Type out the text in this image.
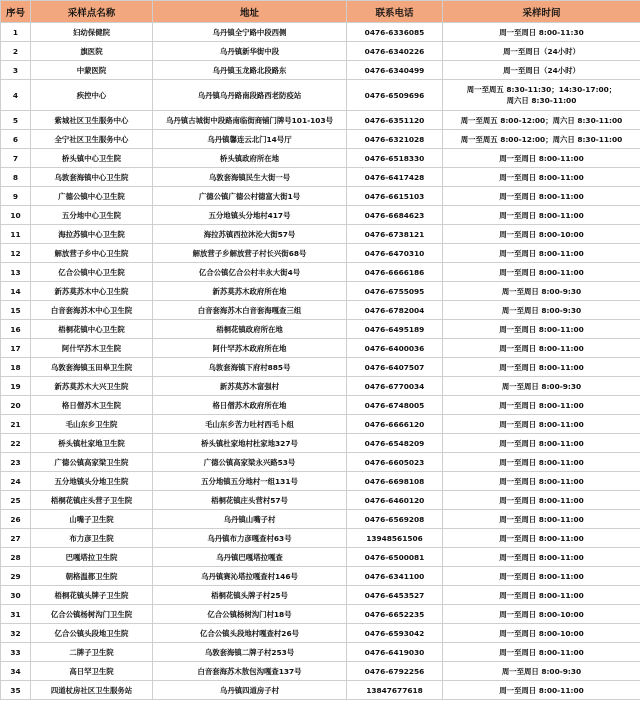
序号	采样点名称	地址	联系电话	采样时间
1	妇幼保健院	乌丹镇全宁路中段西侧	0476-6336085	周一至周日 8:00-11:30
2	旗医院	乌丹镇新华街中段	0476-6340226	周一至周日（24小时）
3	中蒙医院	乌丹镇玉龙路北段路东	0476-6340499	周一至周日（24小时）
4	疾控中心	乌丹镇乌丹路南段路西老防疫站	0476-6509696	周一至周五 8:30-11:30；14:30-17:00；
周六日 8:30-11:00

5	紫城社区卫生服务中心	乌丹镇古城街中段路南临街商铺门牌号101-103号	0476-6351120	周一至周五 8:00-12:00；周六日 8:30-11:00
6	全宁社区卫生服务中心	乌丹镇馨连云北门14号厅	0476-6321028	周一至周五 8:00-12:00；周六日 8:30-11:00
7	桥头镇中心卫生院	桥头镇政府所在地	0476-6518330	周一至周日 8:00-11:00
8	乌敦套海镇中心卫生院	乌敦套海镇民生大街一号	0476-6417428	周一至周日 8:00-11:00
9	广德公镇中心卫生院	广德公镇广德公村德富大街1号	0476-6615103	周一至周日 8:00-11:00
10	五分地中心卫生院	五分地镇头分地村417号	0476-6684623	周一至周日 8:00-11:00
11	海拉苏镇中心卫生院	海拉苏镇西拉沐沦大街57号	0476-6738121	周一至周日 8:00-10:00
12	解放营子乡中心卫生院	解放营子乡解放营子村长兴街68号	0476-6470310	周一至周日 8:00-11:00
13	亿合公镇中心卫生院	亿合公镇亿合公村丰永大街4号	0476-6666186	周一至周日 8:00-11:00
14	新苏莫苏木中心卫生院	新苏莫苏木政府所在地	0476-6755095	周一至周日 8:00-9:30
15	白音套海苏木中心卫生院	白音套海苏木白音套海嘎查三组	0476-6782004	周一至周日 8:00-9:30
16	梧桐花镇中心卫生院	梧桐花镇政府所在地	0476-6495189	周一至周日 8:00-11:00
17	阿什罕苏木卫生院	阿什罕苏木政府所在地	0476-6400036	周一至周日 8:00-11:00
18	乌敦套海镇玉田皋卫生院	乌敦套海镇下府村885号	0476-6407507	周一至周日 8:00-11:00
19	新苏莫苏木大兴卫生院	新苏莫苏木富强村	0476-6770034	周一至周日 8:00-9:30
20	格日僧苏木卫生院	格日僧苏木政府所在地	0476-6748005	周一至周日 8:00-11:00
21	毛山东乡卫生院	毛山东乡苦力吐村西毛卜组	0476-6666120	周一至周日 8:00-11:00
22	桥头镇杜家地卫生院	桥头镇杜家地村杜家地327号	0476-6548209	周一至周日 8:00-11:00
23	广德公镇高家梁卫生院	广德公镇高家梁永兴路53号	0476-6605023	周一至周日 8:00-11:00
24	五分地镇头分地卫生院	五分地镇五分地村一组131号	0476-6698108	周一至周日 8:00-11:00
25	梧桐花镇庄头营子卫生院	梧桐花镇庄头营村57号	0476-6460120	周一至周日 8:00-11:00
26	山嘴子卫生院	乌丹镇山嘴子村	0476-6569208	周一至周日 8:00-11:00
27	布力彦卫生院	乌丹镇布力彦嘎查村63号	13948561506	周一至周日 8:00-11:00
28	巴嘎塔拉卫生院	乌丹镇巴嘎塔拉嘎查	0476-6500081	周一至周日 8:00-11:00
29	朝格温都卫生院	乌丹镇赛沁塔拉嘎查村146号	0476-6341100	周一至周日 8:00-11:00
30	梧桐花镇头牌子卫生院	梧桐花镇头牌子村25号	0476-6453527	周一至周日 8:00-11:00
31	亿合公镇杨树沟门卫生院	亿合公镇杨树沟门村18号	0476-6652235	周一至周日 8:00-10:00
32	亿合公镇头段地卫生院	亿合公镇头段地村嘎查村26号	0476-6593042	周一至周日 8:00-10:00
33	二牌子卫生院	乌敦套海镇二牌子村253号	0476-6419030	周一至周日 8:00-11:00
34	高日罕卫生院	白音套海苏木敖包沟嘎查137号	0476-6792256	周一至周日 8:00-9:30
35	四道杖房社区卫生服务站	乌丹镇四道房子村	13847677618	周一至周日 8:00-11:00
